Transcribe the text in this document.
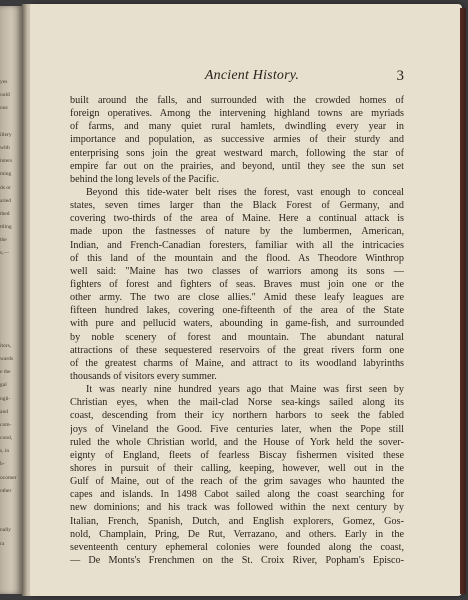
yes
ould
ous
illery
with
inters
ming
ds or
aried
thed
ttling
the
s,—
itors,
wards
e the
gal
ngli-
and
com-
cond,
s, in
h-
ocomer
other
nally
ra
Ancient History.	3
built around the falls, and surrounded with the crowded homes of
foreign operatives. Among the intervening highland towns are myriads
of farms, and many quiet rural hamlets, dwindling every year in
importance and population, as successive armies of their sturdy and
enterprising sons join the great westward march, following the star of
empire far out on the prairies, and beyond, until they see the sun set
behind the long levels of the Pacific.
Beyond this tide-water belt rises the forest, vast enough to conceal
states, seven times larger than the Black Forest of Germany, and
covering two-thirds of the area of Maine. Here a continual attack is
made upon the fastnesses of nature by the lumbermen, American,
Indian, and French-Canadian foresters, familiar with all the intricacies
of this land of the mountain and the flood. As Theodore Winthrop
well said: "Maine has two classes of warriors among its sons —
fighters of forest and fighters of seas. Braves must join one or the
other army. The two are close allies." Amid these leafy leagues are
fifteen hundred lakes, covering one-fifteenth of the area of the State
with pure and pellucid waters, abounding in game-fish, and surrounded
by noble scenery of forest and mountain. The abundant natural
attractions of these sequestered reservoirs of the great rivers form one
of the greatest charms of Maine, and attract to its woodland labyrinths
thousands of visitors every summer.
It was nearly nine hundred years ago that Maine was first seen by
Christian eyes, when the mail-clad Norse sea-kings sailed along its
coast, descending from their icy northern harbors to seek the fabled
joys of Vineland the Good. Five centuries later, when the Pope still
ruled the whole Christian world, and the House of York held the sover-
eignty of England, fleets of fearless Biscay fishermen visited these
shores in pursuit of their calling, keeping, however, well out in the
Gulf of Maine, out of the reach of the grim savages who haunted the
capes and islands. In 1498 Cabot sailed along the coast searching for
new dominions; and his track was followed within the next century by
Italian, French, Spanish, Dutch, and English explorers, Gomez, Gos-
nold, Champlain, Pring, De Rut, Verrazano, and others. Early in the
seventeenth century ephemeral colonies were founded along the coast,
— De Monts's Frenchmen on the St. Croix River, Popham's Episco-
